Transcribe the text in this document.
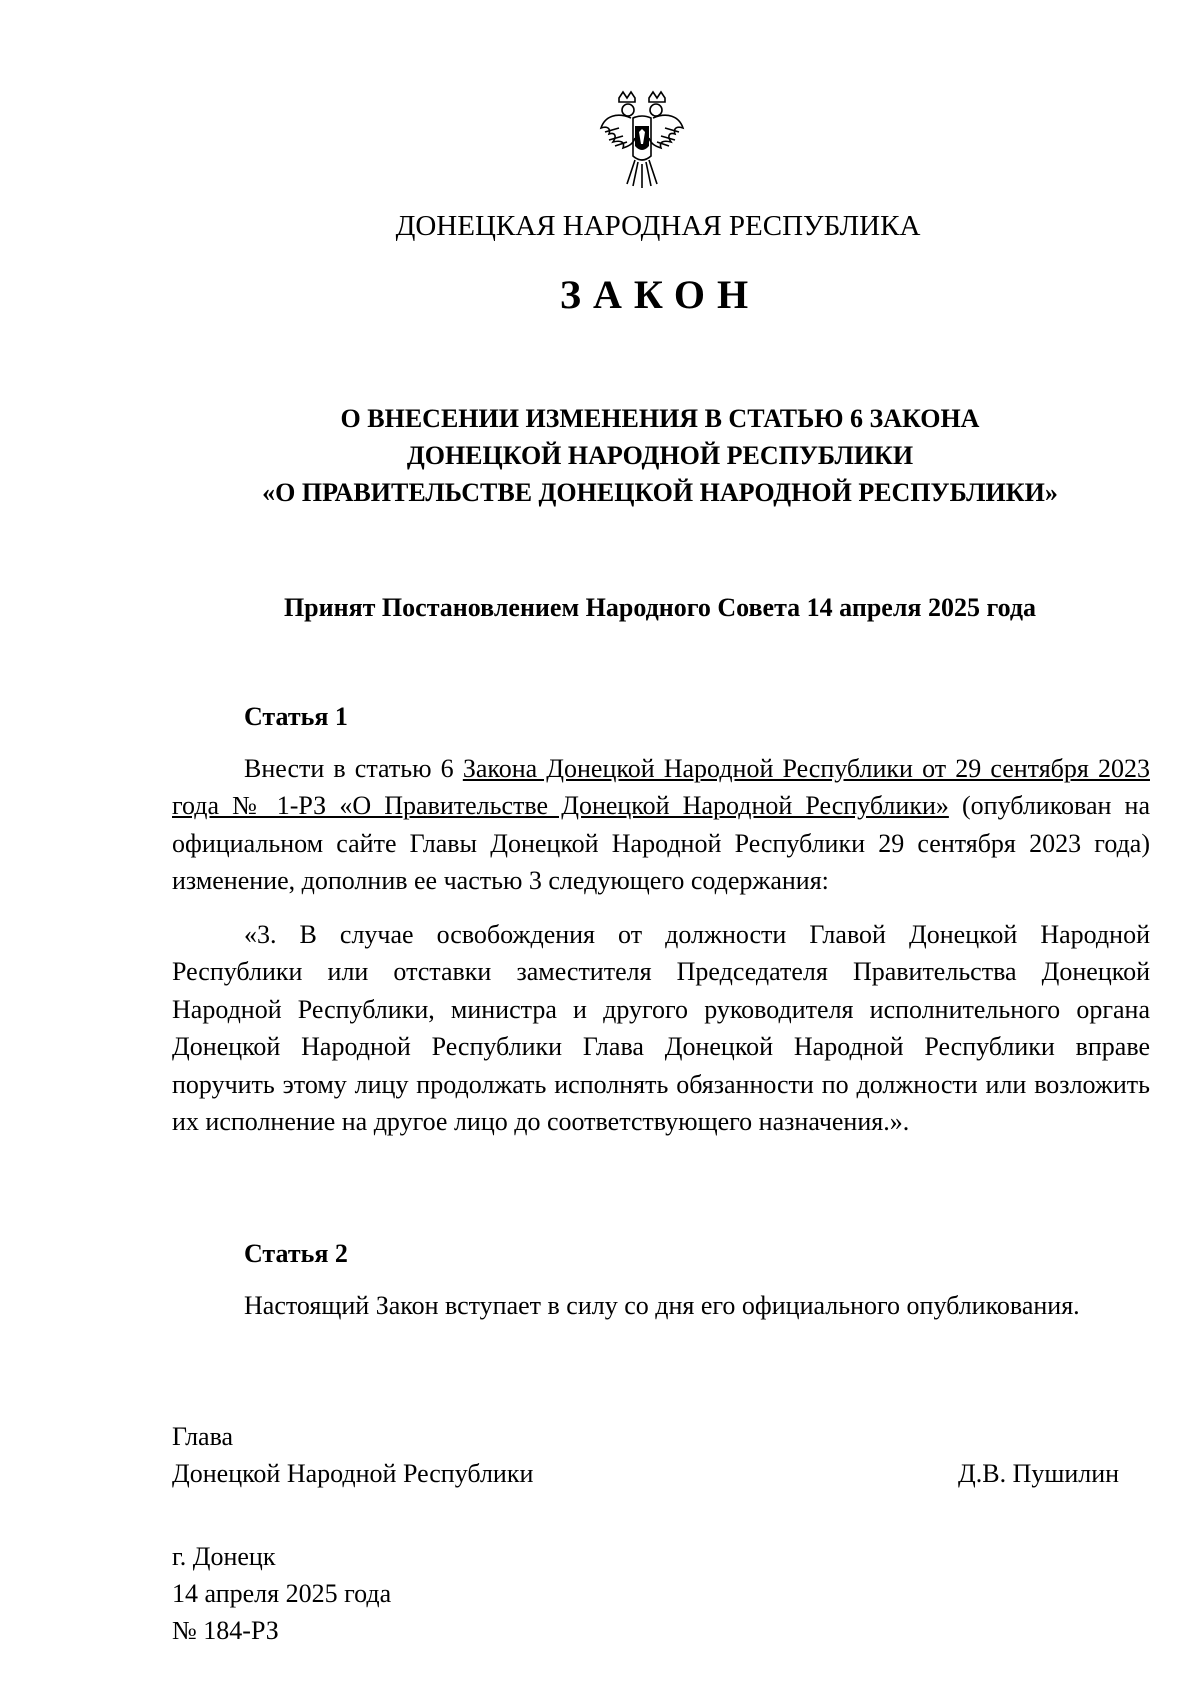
ДОНЕЦКАЯ НАРОДНАЯ РЕСПУБЛИКА
ЗАКОН
О ВНЕСЕНИИ ИЗМЕНЕНИЯ В СТАТЬЮ 6 ЗАКОНА
ДОНЕЦКОЙ НАРОДНОЙ РЕСПУБЛИКИ
«О ПРАВИТЕЛЬСТВЕ ДОНЕЦКОЙ НАРОДНОЙ РЕСПУБЛИКИ»
Принят Постановлением Народного Совета 14 апреля 2025 года
Статья 1

Внести в статью 6 Закона Донецкой Народной Республики от 29 сентября 2023 года № 1-РЗ «О Правительстве Донецкой Народной Республики» (опубликован на официальном сайте Главы Донецкой Народной Республики 29 сентября 2023 года) изменение, дополнив ее частью 3 следующего содержания:

«3. В случае освобождения от должности Главой Донецкой Народной Республики или отставки заместителя Председателя Правительства Донецкой Народной Республики, министра и другого руководителя исполнительного органа Донецкой Народной Республики Глава Донецкой Народной Республики вправе поручить этому лицу продолжать исполнять обязанности по должности или возложить их исполнение на другое лицо до соответствующего назначения.».

Статья 2

Настоящий Закон вступает в силу со дня его официального опубликования.

Глава
Донецкой Народной Республики	Д.В. Пушилин
г. Донецк
14 апреля 2025 года
№ 184-РЗ
